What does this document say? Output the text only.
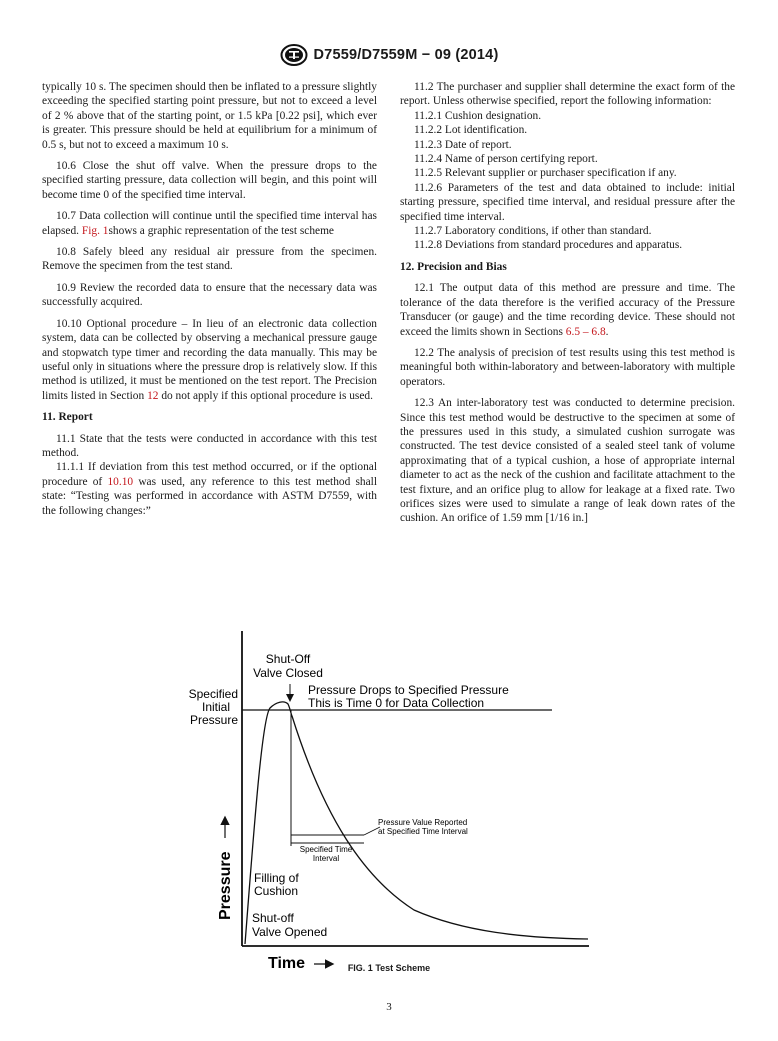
D7559/D7559M − 09 (2014)

typically 10 s. The specimen should then be inflated to a pressure slightly exceeding the specified starting point pressure, but not to exceed a level of 2 % above that of the starting point, or 1.5 kPa [0.22 psi], which ever is greater. This pressure should be held at equilibrium for a minimum of 0.5 s, but not to exceed a maximum 10 s.

10.6 Close the shut off valve. When the pressure drops to the specified starting pressure, data collection will begin, and this point will become time 0 of the specified time interval.

10.7 Data collection will continue until the specified time interval has elapsed. Fig. 1shows a graphic representation of the test scheme

10.8 Safely bleed any residual air pressure from the specimen. Remove the specimen from the test stand.

10.9 Review the recorded data to ensure that the necessary data was successfully acquired.

10.10 Optional procedure – In lieu of an electronic data collection system, data can be collected by observing a mechanical pressure gauge and stopwatch type timer and recording the data manually. This may be useful only in situations where the pressure drop is relatively slow. If this method is utilized, it must be mentioned on the test report. The Precision limits listed in Section 12 do not apply if this optional procedure is used.

11. Report

11.1 State that the tests were conducted in accordance with this test method.

11.1.1 If deviation from this test method occurred, or if the optional procedure of 10.10 was used, any reference to this test method shall state: “Testing was performed in accordance with ASTM D7559, with the following changes:”

11.2 The purchaser and supplier shall determine the exact form of the report. Unless otherwise specified, report the following information:

11.2.1 Cushion designation.

11.2.2 Lot identification.

11.2.3 Date of report.

11.2.4 Name of person certifying report.

11.2.5 Relevant supplier or purchaser specification if any.

11.2.6 Parameters of the test and data obtained to include: initial starting pressure, specified time interval, and residual pressure after the specified time interval.

11.2.7 Laboratory conditions, if other than standard.

11.2.8 Deviations from standard procedures and apparatus.

12. Precision and Bias

12.1 The output data of this method are pressure and time. The tolerance of the data therefore is the verified accuracy of the Pressure Transducer (or gauge) and the time recording device. These should not exceed the limits shown in Sections 6.5 – 6.8.

12.2 The analysis of precision of test results using this test method is meaningful both within-laboratory and between-laboratory with multiple operators.

12.3 An inter-laboratory test was conducted to determine precision. Since this test method would be destructive to the specimen at some of the pressures used in this study, a simulated cushion surrogate was constructed. The test device consisted of a sealed steel tank of volume approximating that of a typical cushion, a hose of appropriate internal diameter to act as the neck of the cushion and facilitate attachment to the test fixture, and an orifice plug to allow for leakage at a fixed rate. Two orifices sizes were used to simulate a range of leak down rates of the cushion. An orifice of 1.59 mm [1/16 in.]

Specified
Initial
Pressure
Shut-Off
Valve Closed
Pressure Drops to Specified Pressure
This is Time 0 for Data Collection
Pressure Value Reported
at Specified Time Interval
Specified Time
Interval
Filling of
Cushion
Shut-off
Valve Opened
Pressure
Time	FIG. 1 Test Scheme
3
